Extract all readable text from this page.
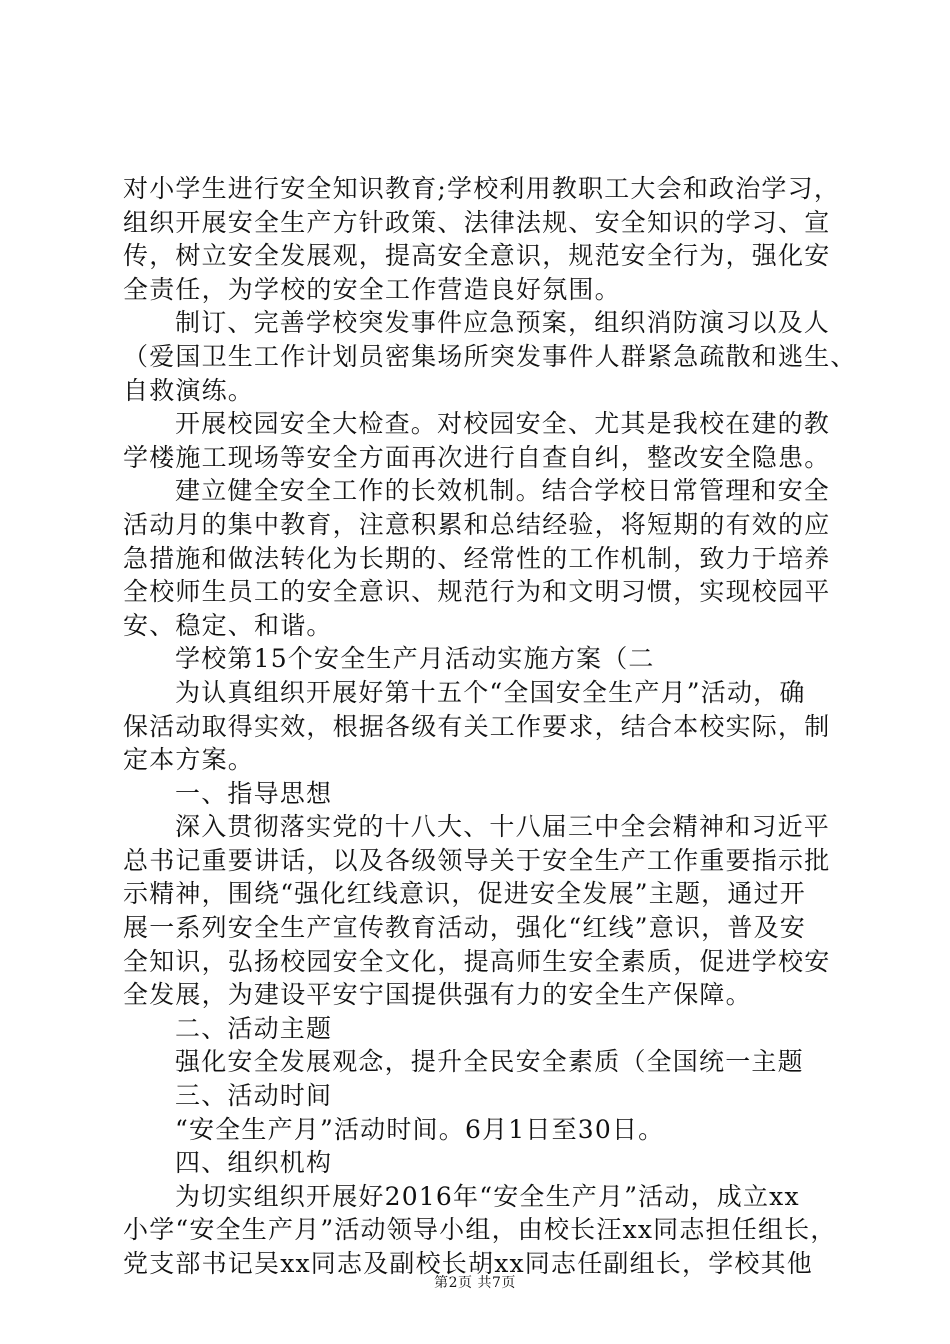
对小学生进行安全知识教育;学校利用教职工大会和政治学习，
组织开展安全生产方针政策、法律法规、安全知识的学习、宣
传，树立安全发展观，提高安全意识，规范安全行为，强化安
全责任，为学校的安全工作营造良好氛围。
制订、完善学校突发事件应急预案，组织消防演习以及人
（爱国卫生工作计划员密集场所突发事件人群紧急疏散和逃生、
自救演练。
开展校园安全大检查。对校园安全、尤其是我校在建的教
学楼施工现场等安全方面再次进行自查自纠，整改安全隐患。
建立健全安全工作的长效机制。结合学校日常管理和安全
活动月的集中教育，注意积累和总结经验，将短期的有效的应
急措施和做法转化为长期的、经常性的工作机制，致力于培养
全校师生员工的安全意识、规范行为和文明习惯，实现校园平
安、稳定、和谐。
学校第15个安全生产月活动实施方案（二
为认真组织开展好第十五个“全国安全生产月”活动，确
保活动取得实效，根据各级有关工作要求，结合本校实际，制
定本方案。
一、指导思想
深入贯彻落实党的十八大、十八届三中全会精神和习近平
总书记重要讲话，以及各级领导关于安全生产工作重要指示批
示精神，围绕“强化红线意识，促进安全发展”主题，通过开
展一系列安全生产宣传教育活动，强化“红线”意识，普及安
全知识，弘扬校园安全文化，提高师生安全素质，促进学校安
全发展，为建设平安宁国提供强有力的安全生产保障。
二、活动主题
强化安全发展观念，提升全民安全素质（全国统一主题
三、活动时间
“安全生产月”活动时间。6月1日至30日。
四、组织机构
为切实组织开展好2016年“安全生产月”活动，成立xx
小学“安全生产月”活动领导小组，由校长汪xx同志担任组长，
党支部书记吴xx同志及副校长胡xx同志任副组长，学校其他
第2页 共7页
